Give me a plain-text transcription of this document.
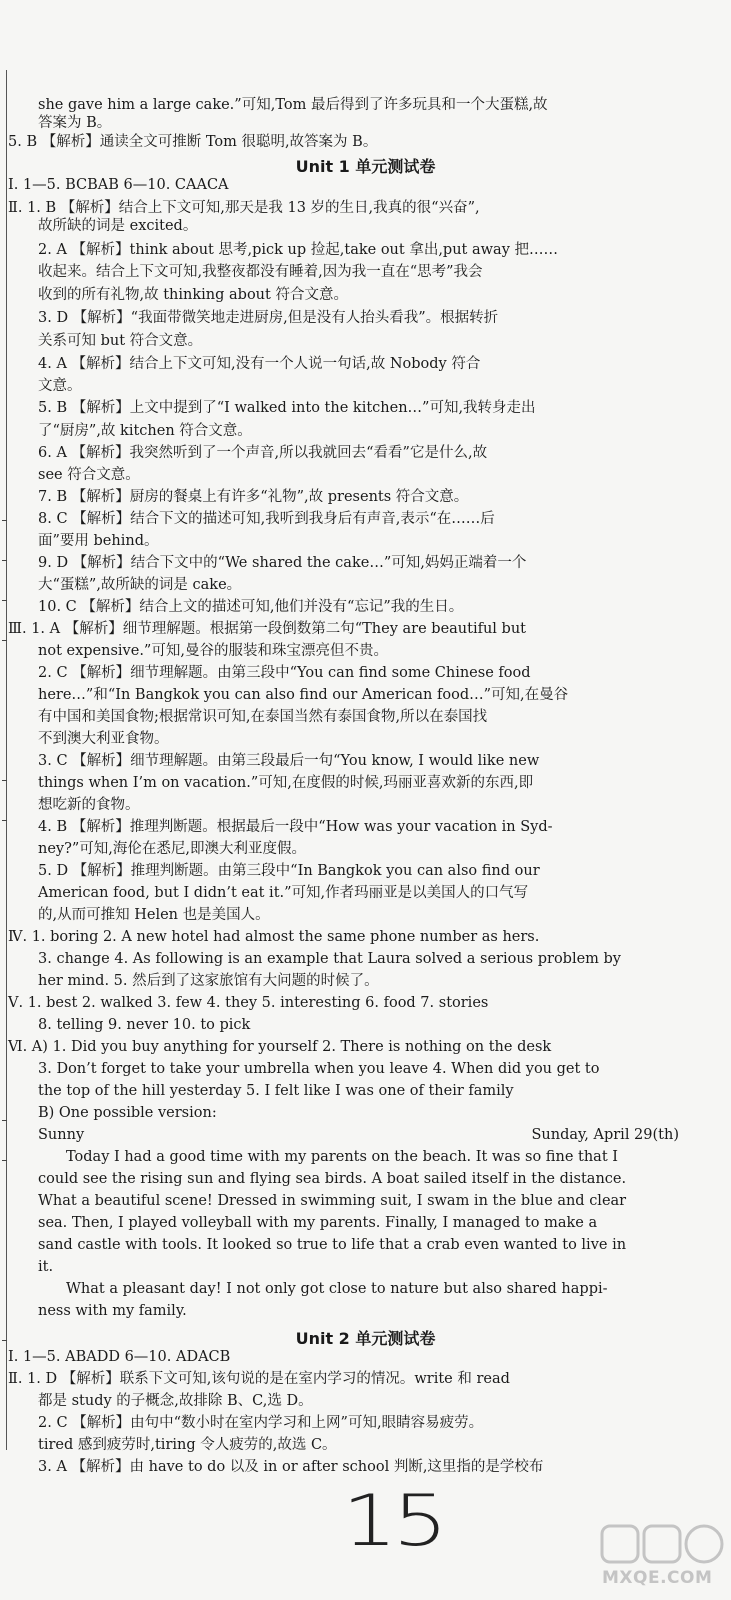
she gave him a large cake.”可知,Tom 最后得到了许多玩具和一个大蛋糕,故
答案为 B。
5. B 【解析】通读全文可推断 Tom 很聪明,故答案为 B。
Ⅰ. 1—5. BCBAB 6—10. CAACA
Ⅱ. 1. B 【解析】结合上下文可知,那天是我 13 岁的生日,我真的很“兴奋”,
故所缺的词是 excited。
2. A 【解析】think about 思考,pick up 捡起,take out 拿出,put away 把……
收起来。结合上下文可知,我整夜都没有睡着,因为我一直在“思考”我会
收到的所有礼物,故 thinking about 符合文意。
3. D 【解析】“我面带微笑地走进厨房,但是没有人抬头看我”。根据转折
关系可知 but 符合文意。
4. A 【解析】结合上下文可知,没有一个人说一句话,故 Nobody 符合
文意。
5. B 【解析】上文中提到了“I walked into the kitchen…”可知,我转身走出
了“厨房”,故 kitchen 符合文意。
6. A 【解析】我突然听到了一个声音,所以我就回去“看看”它是什么,故
see 符合文意。
7. B 【解析】厨房的餐桌上有许多“礼物”,故 presents 符合文意。
8. C 【解析】结合下文的描述可知,我听到我身后有声音,表示“在……后
面”要用 behind。
9. D 【解析】结合下文中的“We shared the cake…”可知,妈妈正端着一个
大“蛋糕”,故所缺的词是 cake。
10. C 【解析】结合上文的描述可知,他们并没有“忘记”我的生日。
Ⅲ. 1. A 【解析】细节理解题。根据第一段倒数第二句“They are beautiful but
not expensive.”可知,曼谷的服装和珠宝漂亮但不贵。
2. C 【解析】细节理解题。由第三段中“You can find some Chinese food
here…”和“In Bangkok you can also find our American food…”可知,在曼谷
有中国和美国食物;根据常识可知,在泰国当然有泰国食物,所以在泰国找
不到澳大利亚食物。
3. C 【解析】细节理解题。由第三段最后一句“You know, I would like new
things when I’m on vacation.”可知,在度假的时候,玛丽亚喜欢新的东西,即
想吃新的食物。
4. B 【解析】推理判断题。根据最后一段中“How was your vacation in Syd-
ney?”可知,海伦在悉尼,即澳大利亚度假。
5. D 【解析】推理判断题。由第三段中“In Bangkok you can also find our
American food, but I didn’t eat it.”可知,作者玛丽亚是以美国人的口气写
的,从而可推知 Helen 也是美国人。
Ⅳ. 1. boring 2. A new hotel had almost the same phone number as hers.
3. change 4. As following is an example that Laura solved a serious problem by
her mind. 5. 然后到了这家旅馆有大问题的时候了。
Ⅴ. 1. best 2. walked 3. few 4. they 5. interesting 6. food 7. stories
8. telling 9. never 10. to pick
Ⅵ. A) 1. Did you buy anything for yourself 2. There is nothing on the desk
3. Don’t forget to take your umbrella when you leave 4. When did you get to
the top of the hill yesterday 5. I felt like I was one of their family
B) One possible version:
Sunny
Today I had a good time with my parents on the beach. It was so fine that I
could see the rising sun and flying sea birds. A boat sailed itself in the distance.
What a beautiful scene! Dressed in swimming suit, I swam in the blue and clear
sea. Then, I played volleyball with my parents. Finally, I managed to make a
sand castle with tools. It looked so true to life that a crab even wanted to live in
it.
What a pleasant day! I not only got close to nature but also shared happi-
ness with my family.
Ⅰ. 1—5. ABADD 6—10. ADACB
Ⅱ. 1. D 【解析】联系下文可知,该句说的是在室内学习的情况。write 和 read
都是 study 的子概念,故排除 B、C,选 D。
2. C 【解析】由句中“数小时在室内学习和上网”可知,眼睛容易疲劳。
tired 感到疲劳时,tiring 令人疲劳的,故选 C。
3. A 【解析】由 have to do 以及 in or after school 判断,这里指的是学校布
Unit 1 单元测试卷
Unit 2 单元测试卷
Sunday, April 29(th)
15
MXQE.COM
